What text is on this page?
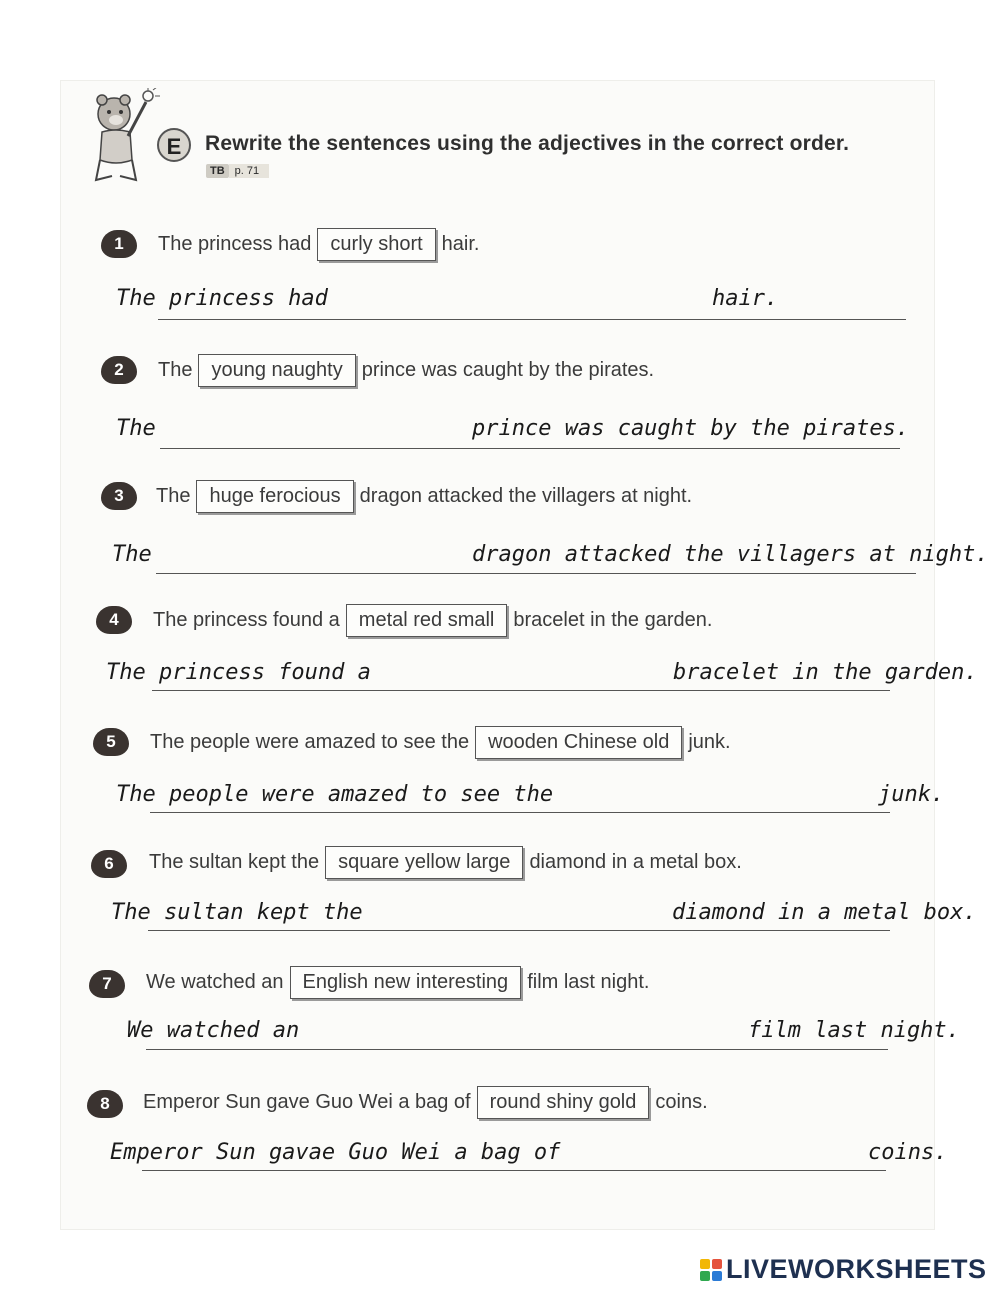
E	Rewrite the sentences using the adjectives in the correct order.
TB p. 71
1	The princess had curly short hair.
The princess had	hair.
2	The young naughty prince was caught by the pirates.
The	prince was caught by the pirates.
3	The huge ferocious dragon attacked the villagers at night.
The	dragon attacked the villagers at night.
4	The princess found a metal red small bracelet in the garden.
The princess found a	bracelet in the garden.
5	The people were amazed to see the wooden Chinese old junk.
The people were amazed to see the	junk.
6	The sultan kept the square yellow large diamond in a metal box.
The sultan kept the	diamond in a metal box.
7	We watched an English new interesting film last night.
We watched an	film last night.
8	Emperor Sun gave Guo Wei a bag of round shiny gold coins.
Emperor Sun gavae Guo Wei a bag of	coins.
LIVEWORKSHEETS
